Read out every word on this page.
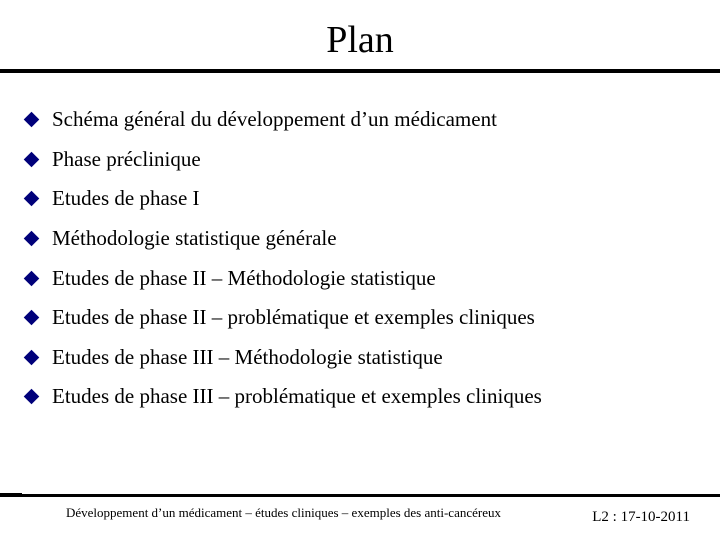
Plan
Schéma général du développement d’un médicament
Phase préclinique
Etudes de phase I
Méthodologie statistique générale
Etudes de phase II – Méthodologie statistique
Etudes de phase II – problématique et exemples cliniques
Etudes de phase III – Méthodologie statistique
Etudes de phase III – problématique et exemples cliniques
Développement d’un médicament – études cliniques – exemples des anti-cancéreux	L2 : 17-10-2011
